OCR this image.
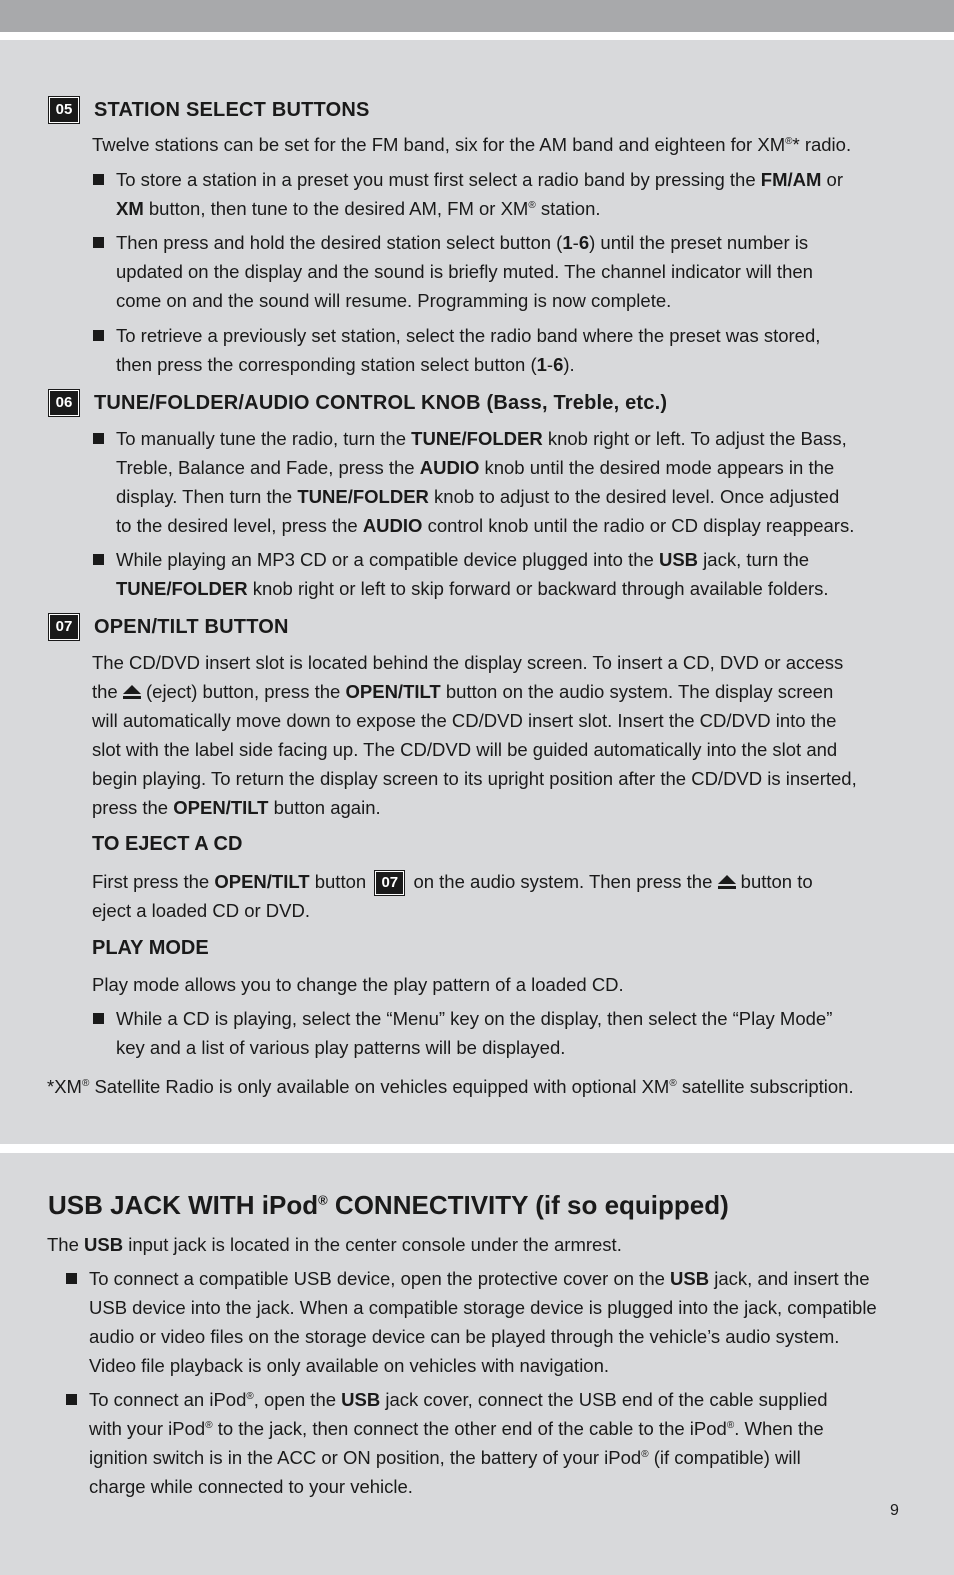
05	STATION SELECT BUTTONS
Twelve stations can be set for the FM band, six for the AM band and eighteen for XM®* radio.
To store a station in a preset you must first select a radio band by pressing the FM/AM or
XM button, then tune to the desired AM, FM or XM® station.
Then press and hold the desired station select button (1-6) until the preset number is
updated on the display and the sound is briefly muted. The channel indicator will then
come on and the sound will resume. Programming is now complete.
To retrieve a previously set station, select the radio band where the preset was stored,
then press the corresponding station select button (1-6).
06	TUNE/FOLDER/AUDIO CONTROL KNOB (Bass, Treble, etc.)
To manually tune the radio, turn the TUNE/FOLDER knob right or left. To adjust the Bass,
Treble, Balance and Fade, press the AUDIO knob until the desired mode appears in the
display. Then turn the TUNE/FOLDER knob to adjust to the desired level. Once adjusted
to the desired level, press the AUDIO control knob until the radio or CD display reappears.
While playing an MP3 CD or a compatible device plugged into the USB jack, turn the
TUNE/FOLDER knob right or left to skip forward or backward through available folders.
07	OPEN/TILT BUTTON
The CD/DVD insert slot is located behind the display screen. To insert a CD, DVD or access
the  (eject) button, press the OPEN/TILT button on the audio system. The display screen
will automatically move down to expose the CD/DVD insert slot. Insert the CD/DVD into the
slot with the label side facing up. The CD/DVD will be guided automatically into the slot and
begin playing. To return the display screen to its upright position after the CD/DVD is inserted,
press the OPEN/TILT button again.
TO EJECT A CD
First press the OPEN/TILT button 07 on the audio system. Then press the  button to
eject a loaded CD or DVD.
PLAY MODE
Play mode allows you to change the play pattern of a loaded CD.
While a CD is playing, select the “Menu” key on the display, then select the “Play Mode”
key and a list of various play patterns will be displayed.
*XM® Satellite Radio is only available on vehicles equipped with optional XM® satellite subscription.
USB JACK WITH iPod® CONNECTIVITY (if so equipped)
The USB input jack is located in the center console under the armrest.
To connect a compatible USB device, open the protective cover on the USB jack, and insert the
USB device into the jack. When a compatible storage device is plugged into the jack, compatible
audio or video files on the storage device can be played through the vehicle’s audio system.
Video file playback is only available on vehicles with navigation.
To connect an iPod®, open the USB jack cover, connect the USB end of the cable supplied
with your iPod® to the jack, then connect the other end of the cable to the iPod®. When the
ignition switch is in the ACC or ON position, the battery of your iPod® (if compatible) will
charge while connected to your vehicle.
9
